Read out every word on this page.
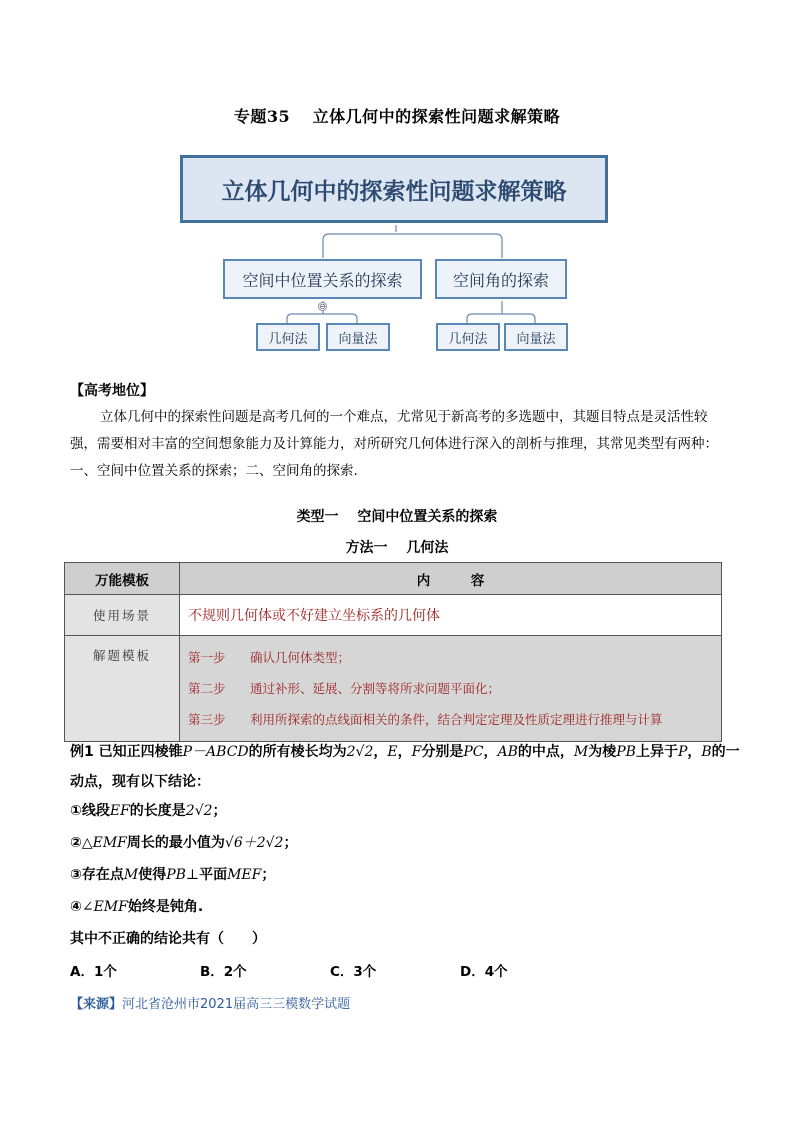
专题35　 立体几何中的探索性问题求解策略
立体几何中的探索性问题求解策略
空间中位置关系的探索	空间角的探索
⊖
几何法	向量法	几何法	向量法
【高考地位】
立体几何中的探索性问题是高考几何的一个难点，尤常见于新高考的多选题中，其题目特点是灵活性较强，需要相对丰富的空间想象能力及计算能力，对所研究几何体进行深入的剖析与推理，其常见类型有两种：一、空间中位置关系的探索；二、空间角的探索.
类型一　 空间中位置关系的探索
方法一　 几何法
万能模板	内　　　容
使用场景	不规则几何体或不好建立坐标系的几何体
解题模板	第一步 确认几何体类型；
第二步 通过补形、延展、分割等将所求问题平面化；
第三步 利用所探索的点线面相关的条件，结合判定定理及性质定理进行推理与计算
例1 已知正四棱锥P－ABCD的所有棱长均为2√2，E，F分别是PC，AB的中点，M为棱PB上异于P，B的一动点，现有以下结论：
①线段EF的长度是2√2；
②△EMF周长的最小值为√6＋2√2；
③存在点M使得PB⊥平面MEF；
④∠EMF始终是钝角.
其中不正确的结论共有（　　）
A．1个	B．2个	C．3个	D．4个
【来源】河北省沧州市2021届高三三模数学试题
